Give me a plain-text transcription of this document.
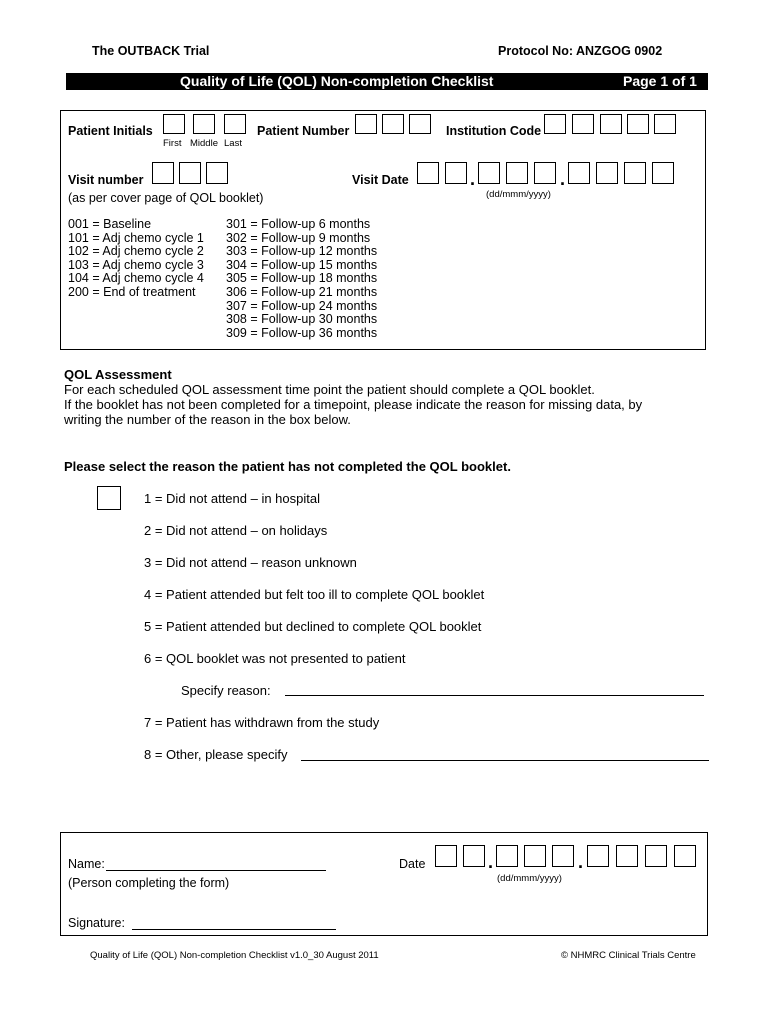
The OUTBACK Trial	Protocol No: ANZGOG 0902
Quality of Life (QOL) Non-completion Checklist	Page 1 of 1
Patient Initials
First Middle Last
Patient Number	Institution Code
Visit number
(as per cover page of QOL booklet)
Visit Date	.	.
(dd/mmm/yyyy)
001 = Baseline
101 = Adj chemo cycle 1
102 = Adj chemo cycle 2
103 = Adj chemo cycle 3
104 = Adj chemo cycle 4
200 = End of treatment
301 = Follow-up 6 months
302 = Follow-up 9 months
303 = Follow-up 12 months
304 = Follow-up 15 months
305 = Follow-up 18 months
306 = Follow-up 21 months
307 = Follow-up 24 months
308 = Follow-up 30 months
309 = Follow-up 36 months
QOL Assessment
For each scheduled QOL assessment time point the patient should complete a QOL booklet.
If the booklet has not been completed for a timepoint, please indicate the reason for missing data, by
writing the number of the reason in the box below.
Please select the reason the patient has not completed the QOL booklet.
1 = Did not attend – in hospital
2 = Did not attend – on holidays
3 = Did not attend – reason unknown
4 = Patient attended but felt too ill to complete QOL booklet
5 = Patient attended but declined to complete QOL booklet
6 = QOL booklet was not presented to patient
Specify reason:
7 = Patient has withdrawn from the study
8 = Other, please specify
Name:
(Person completing the form)
Date	.	.
(dd/mmm/yyyy)
Signature:
Quality of Life (QOL) Non-completion Checklist v1.0_30 August 2011	© NHMRC Clinical Trials Centre
